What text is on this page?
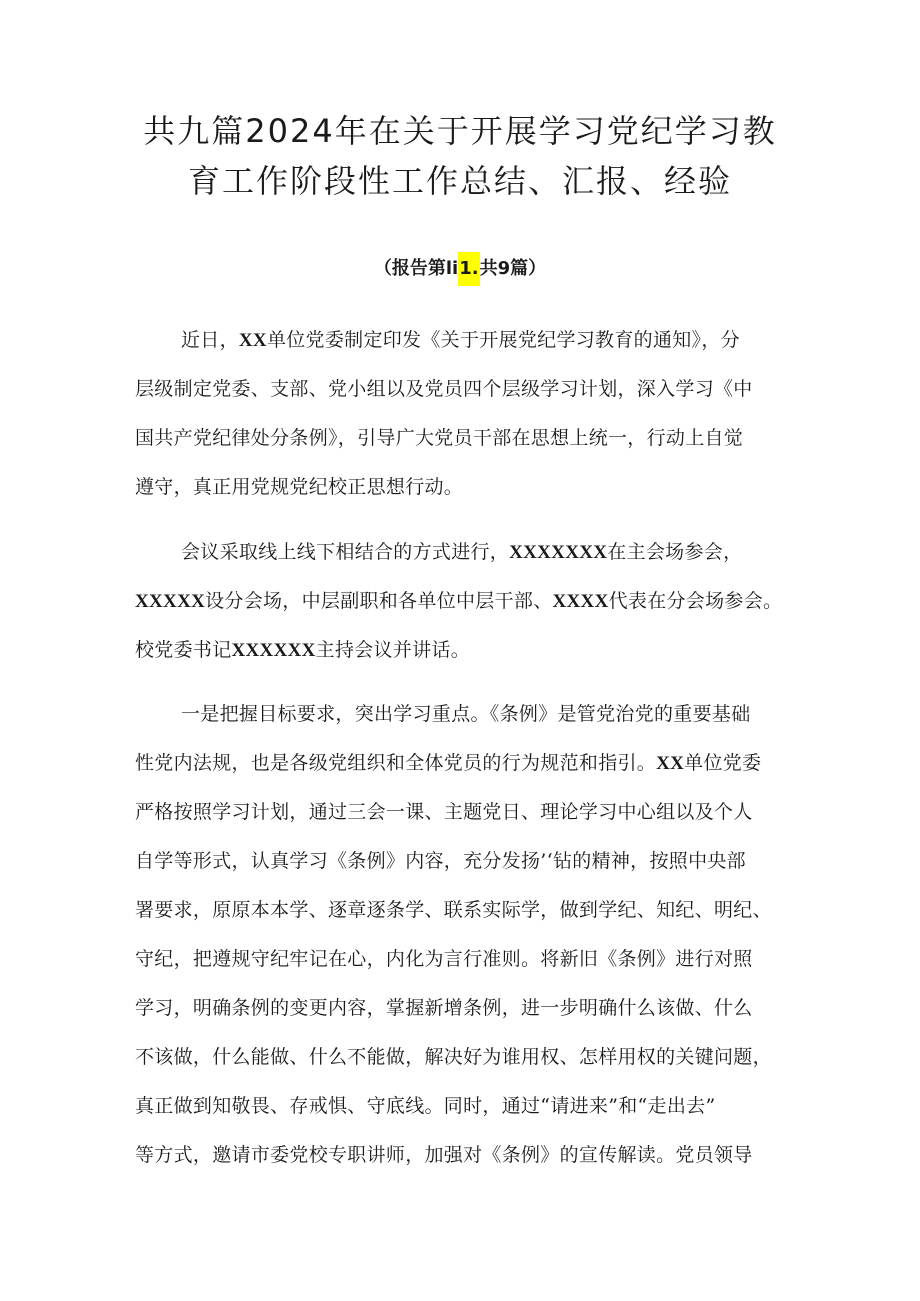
共九篇2024年在关于开展学习党纪学习教
育工作阶段性工作总结、汇报、经验
（报告第li1.共9篇）
近日，XX单位党委制定印发《关于开展党纪学习教育的通知》，分
层级制定党委、支部、党小组以及党员四个层级学习计划，深入学习《中
国共产党纪律处分条例》，引导广大党员干部在思想上统一，行动上自觉
遵守，真正用党规党纪校正思想行动。
会议采取线上线下相结合的方式进行，XXXXXXX在主会场参会，
XXXXX设分会场，中层副职和各单位中层干部、XXXX代表在分会场参会。
校党委书记XXXXXX主持会议并讲话。
一是把握目标要求，突出学习重点。《条例》是管党治党的重要基础
性党内法规，也是各级党组织和全体党员的行为规范和指引。XX单位党委
严格按照学习计划，通过三会一课、主题党日、理论学习中心组以及个人
自学等形式，认真学习《条例》内容，充分发扬’‘钻的精神，按照中央部
署要求，原原本本学、逐章逐条学、联系实际学，做到学纪、知纪、明纪、
守纪，把遵规守纪牢记在心，内化为言行准则。将新旧《条例》进行对照
学习，明确条例的变更内容，掌握新增条例，进一步明确什么该做、什么
不该做，什么能做、什么不能做，解决好为谁用权、怎样用权的关键问题，
真正做到知敬畏、存戒惧、守底线。同时，通过“请进来”和“走出去”
等方式，邀请市委党校专职讲师，加强对《条例》的宣传解读。党员领导
